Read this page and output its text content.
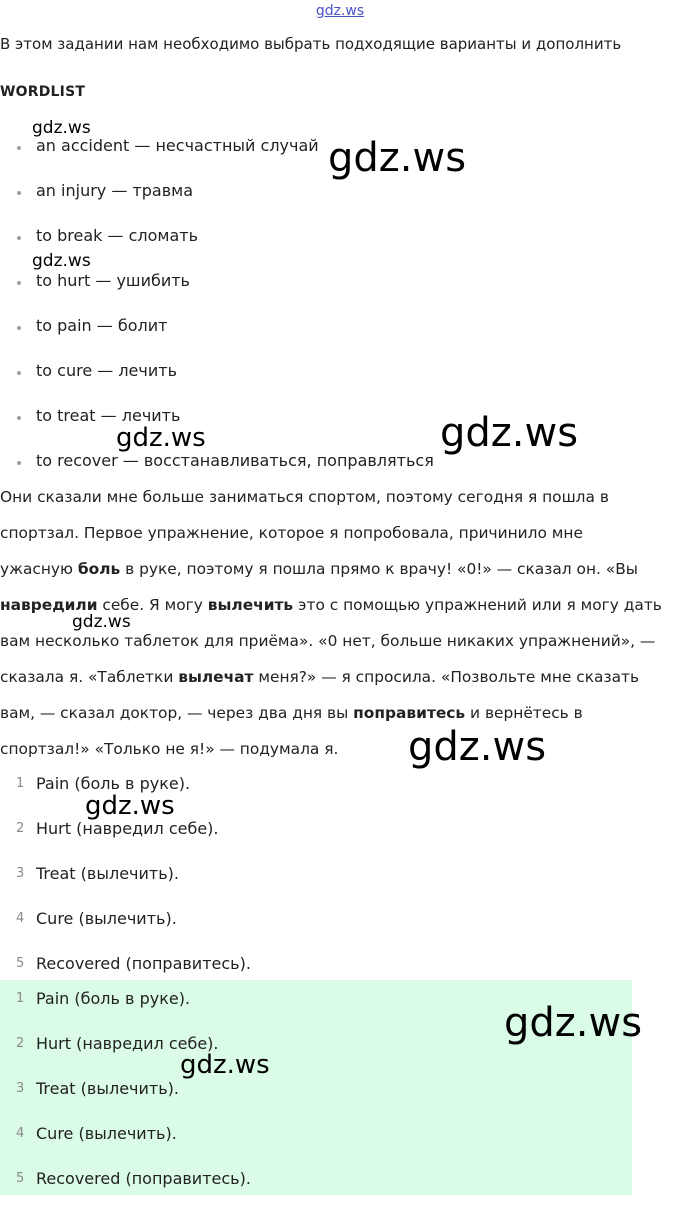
gdz.ws
В этом задании нам необходимо выбрать подходящие варианты и дополнить
WORDLIST
an accident — несчастный случай
an injury — травма
to break — сломать
to hurt — ушибить
to pain — болит
to cure — лечить
to treat — лечить
to recover — восстанавливаться, поправляться

Они сказали мне больше заниматься спортом, поэтому сегодня я пошла в

спортзал. Первое упражнение, которое я попробовала, причинило мне

ужасную боль в руке, поэтому я пошла прямо к врачу! «0!» — сказал он. «Вы

навредили себе. Я могу вылечить это с помощью упражнений или я могу дать

вам несколько таблеток для приёма». «0 нет, больше никаких упражнений», —

сказала я. «Таблетки вылечат меня?» — я спросила. «Позвольте мне сказать

вам, — сказал доктор, — через два дня вы поправитесь и вернётесь в

спортзал!» «Только не я!» — подумала я.

1 Pain (боль в руке).
2 Hurt (навредил себе).
3 Treat (вылечить).
4 Cure (вылечить).
5 Recovered (поправитесь).
1 Pain (боль в руке).
2 Hurt (навредил себе).
3 Treat (вылечить).
4 Cure (вылечить).
5 Recovered (поправитесь).
gdz.ws
gdz.ws
gdz.ws
gdz.ws	gdz.ws
gdz.ws
gdz.ws
gdz.ws
gdz.ws
gdz.ws
